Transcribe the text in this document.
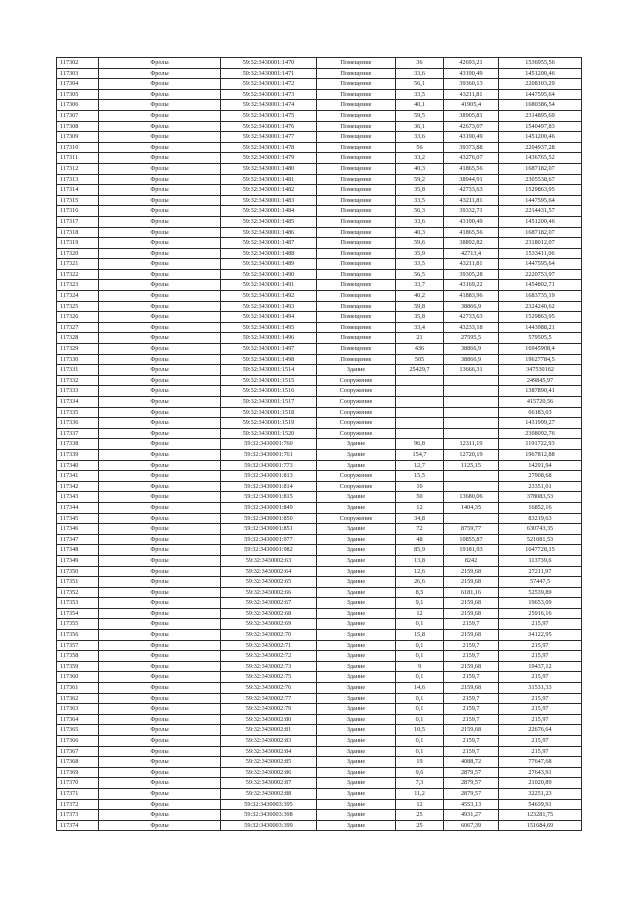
117302	Фролы	59:32:3430001:1470	Помещение	36	42693,21	1536955,56
117303	Фролы	59:32:3430001:1471	Помещение	33,6	43190,49	1451200,46
117304	Фролы	59:32:3430001:1472	Помещение	56,1	39360,13	2208103,29
117305	Фролы	59:32:3430001:1473	Помещение	33,5	43211,81	1447595,64
117306	Фролы	59:32:3430001:1474	Помещение	40,1	41905,4	1680386,54
117307	Фролы	59:32:3430001:1475	Помещение	59,5	38905,81	2314895,69
117308	Фролы	59:32:3430001:1476	Помещение	36,1	42673,07	1540497,83
117309	Фролы	59:32:3430001:1477	Помещение	33,6	43190,49	1451200,46
117310	Фролы	59:32:3430001:1478	Помещение	56	39373,88	2204937,28
117311	Фролы	59:32:3430001:1479	Помещение	33,2	43276,07	1436765,52
117312	Фролы	59:32:3430001:1480	Помещение	40,3	41865,56	1687182,07
117313	Фролы	59:32:3430001:1481	Помещение	59,2	38944,91	2305538,67
117314	Фролы	59:32:3430001:1482	Помещение	35,8	42733,63	1529863,95
117315	Фролы	59:32:3430001:1483	Помещение	33,5	43211,81	1447595,64
117316	Фролы	59:32:3430001:1484	Помещение	56,3	39332,71	2214431,57
117317	Фролы	59:32:3430001:1485	Помещение	33,6	43190,49	1451200,46
117318	Фролы	59:32:3430001:1486	Помещение	40,3	41865,56	1687182,07
117319	Фролы	59:32:3430001:1487	Помещение	59,6	38892,82	2318012,07
117320	Фролы	59:32:3430001:1488	Помещение	35,9	42713,4	1533411,06
117321	Фролы	59:32:3430001:1489	Помещение	33,5	43211,81	1447595,64
117322	Фролы	59:32:3430001:1490	Помещение	56,5	39305,28	2220753,97
117323	Фролы	59:32:3430001:1491	Помещение	33,7	43169,22	1454802,71
117324	Фролы	59:32:3430001:1492	Помещение	40,2	41883,96	1683735,19
117325	Фролы	59:32:3430001:1493	Помещение	59,8	38866,9	2324240,62
117326	Фролы	59:32:3430001:1494	Помещение	35,8	42733,63	1529863,95
117327	Фролы	59:32:3430001:1495	Помещение	33,4	43233,18	1443988,21
117328	Фролы	59:32:3430001:1496	Помещение	21	27595,5	579505,5
117329	Фролы	59:32:3430001:1497	Помещение	436	38866,9	16945908,4
117330	Фролы	59:32:3430001:1498	Помещение	505	38866,9	19627784,5
117331	Фролы	59:32:3430001:1514	Здание	25429,7	13666,31	347530162
117332	Фролы	59:32:3430001:1515	Сооружение			249845,97
117333	Фролы	59:32:3430001:1516	Сооружение			1387890,41
117334	Фролы	59:32:3430001:1517	Сооружение			415720,56
117335	Фролы	59:32:3430001:1518	Сооружение			66183,03
117336	Фролы	59:32:3430001:1519	Сооружение			1431999,27
117337	Фролы	59:32:3430001:1520	Сооружение			2308092,76
117338	Фролы	59:32:3430001:760	Здание	96,8	12311,19	1191722,93
117339	Фролы	59:32:3430001:761	Здание	154,7	12720,19	1967812,88
117340	Фролы	59:32:3430001:773	Здание	12,7	1125,15	14291,94
117341	Фролы	59:32:3430001:813	Сооружение	15,5		27908,68
117342	Фролы	59:32:3430001:814	Сооружение	10		23351,01
117343	Фролы	59:32:3430001:815	Здание	50	13680,06	378083,53
117344	Фролы	59:32:3430001:849	Здание	12	1404,35	16852,16
117345	Фролы	59:32:3430001:850	Сооружение	34,8		83219,63
117346	Фролы	59:32:3430001:851	Здание	72	8759,77	630743,35
117347	Фролы	59:32:3430001:977	Здание	48	10855,87	521081,53
117348	Фролы	59:32:3430001:982	Здание	85,9	19181,93	1647728,15
117349	Фролы	59:32:3430002:63	Здание	13,8	8242	113739,6
117350	Фролы	59:32:3430002:64	Здание	12,6	2159,68	27211,97
117351	Фролы	59:32:3430002:65	Здание	26,6	2159,68	57447,5
117352	Фролы	59:32:3430002:66	Здание	8,5	6181,16	52539,89
117353	Фролы	59:32:3430002:67	Здание	9,1	2159,68	19653,09
117354	Фролы	59:32:3430002:68	Здание	12	2159,68	25916,16
117355	Фролы	59:32:3430002:69	Здание	0,1	2159,7	215,97
117356	Фролы	59:32:3430002:70	Здание	15,8	2159,68	34122,95
117357	Фролы	59:32:3430002:71	Здание	0,1	2159,7	215,97
117358	Фролы	59:32:3430002:72	Здание	0,1	2159,7	215,97
117359	Фролы	59:32:3430002:73	Здание	9	2159,68	19437,12
117360	Фролы	59:32:3430002:75	Здание	0,1	2159,7	215,97
117361	Фролы	59:32:3430002:76	Здание	14,6	2159,68	31531,33
117362	Фролы	59:32:3430002:77	Здание	0,1	2159,7	215,97
117363	Фролы	59:32:3430002:79	Здание	0,1	2159,7	215,97
117364	Фролы	59:32:3430002:80	Здание	0,1	2159,7	215,97
117365	Фролы	59:32:3430002:81	Здание	10,5	2159,68	22676,64
117366	Фролы	59:32:3430002:83	Здание	0,1	2159,7	215,97
117367	Фролы	59:32:3430002:84	Здание	0,1	2159,7	215,97
117368	Фролы	59:32:3430002:85	Здание	19	4088,72	77647,68
117369	Фролы	59:32:3430002:86	Здание	9,6	2879,57	27643,91
117370	Фролы	59:32:3430002:87	Здание	7,3	2879,57	21020,89
117371	Фролы	59:32:3430002:88	Здание	11,2	2879,57	32251,23
117372	Фролы	59:32:3430003:395	Здание	12	4553,13	54639,91
117373	Фролы	59:32:3430003:398	Здание	25	4931,27	123281,75
117374	Фролы	59:32:3430003:399	Здание	25	6067,39	151684,69
